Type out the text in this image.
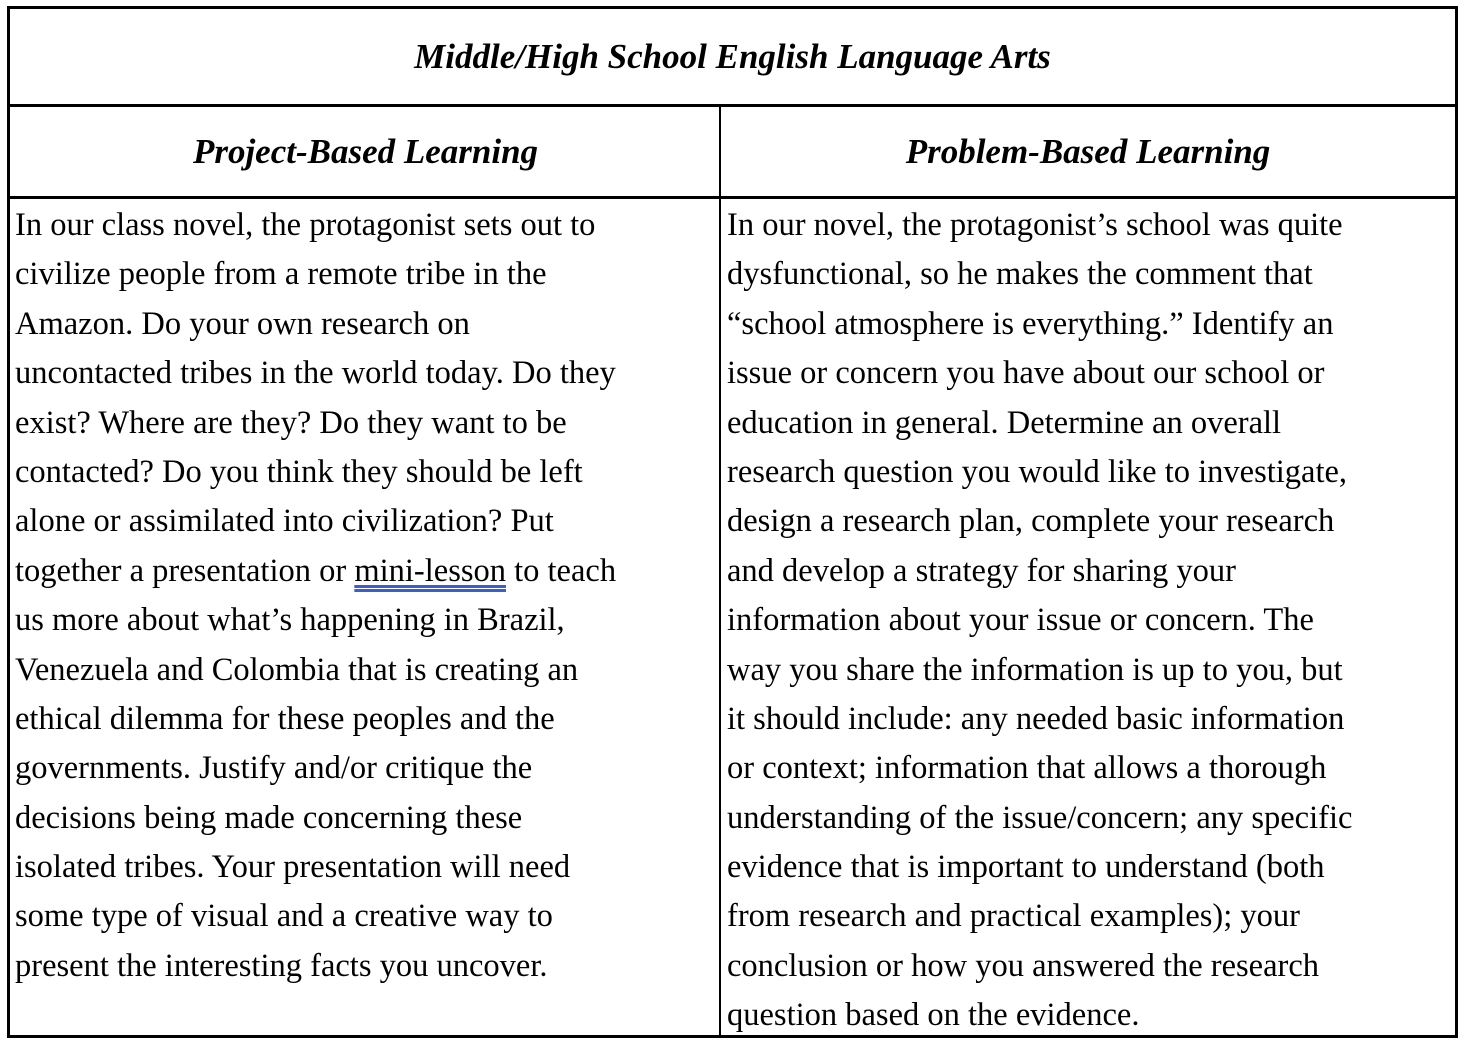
Middle/High School English Language Arts
Project-Based Learning	Problem-Based Learning
In our class novel, the protagonist sets out to
civilize people from a remote tribe in the
Amazon. Do your own research on
uncontacted tribes in the world today. Do they
exist? Where are they? Do they want to be
contacted? Do you think they should be left
alone or assimilated into civilization? Put
together a presentation or mini-lesson to teach
us more about what’s happening in Brazil,
Venezuela and Colombia that is creating an
ethical dilemma for these peoples and the
governments. Justify and/or critique the
decisions being made concerning these
isolated tribes. Your presentation will need
some type of visual and a creative way to
present the interesting facts you uncover.
In our novel, the protagonist’s school was quite
dysfunctional, so he makes the comment that
“school atmosphere is everything.” Identify an
issue or concern you have about our school or
education in general. Determine an overall
research question you would like to investigate,
design a research plan, complete your research
and develop a strategy for sharing your
information about your issue or concern. The
way you share the information is up to you, but
it should include: any needed basic information
or context; information that allows a thorough
understanding of the issue/concern; any specific
evidence that is important to understand (both
from research and practical examples); your
conclusion or how you answered the research
question based on the evidence.
